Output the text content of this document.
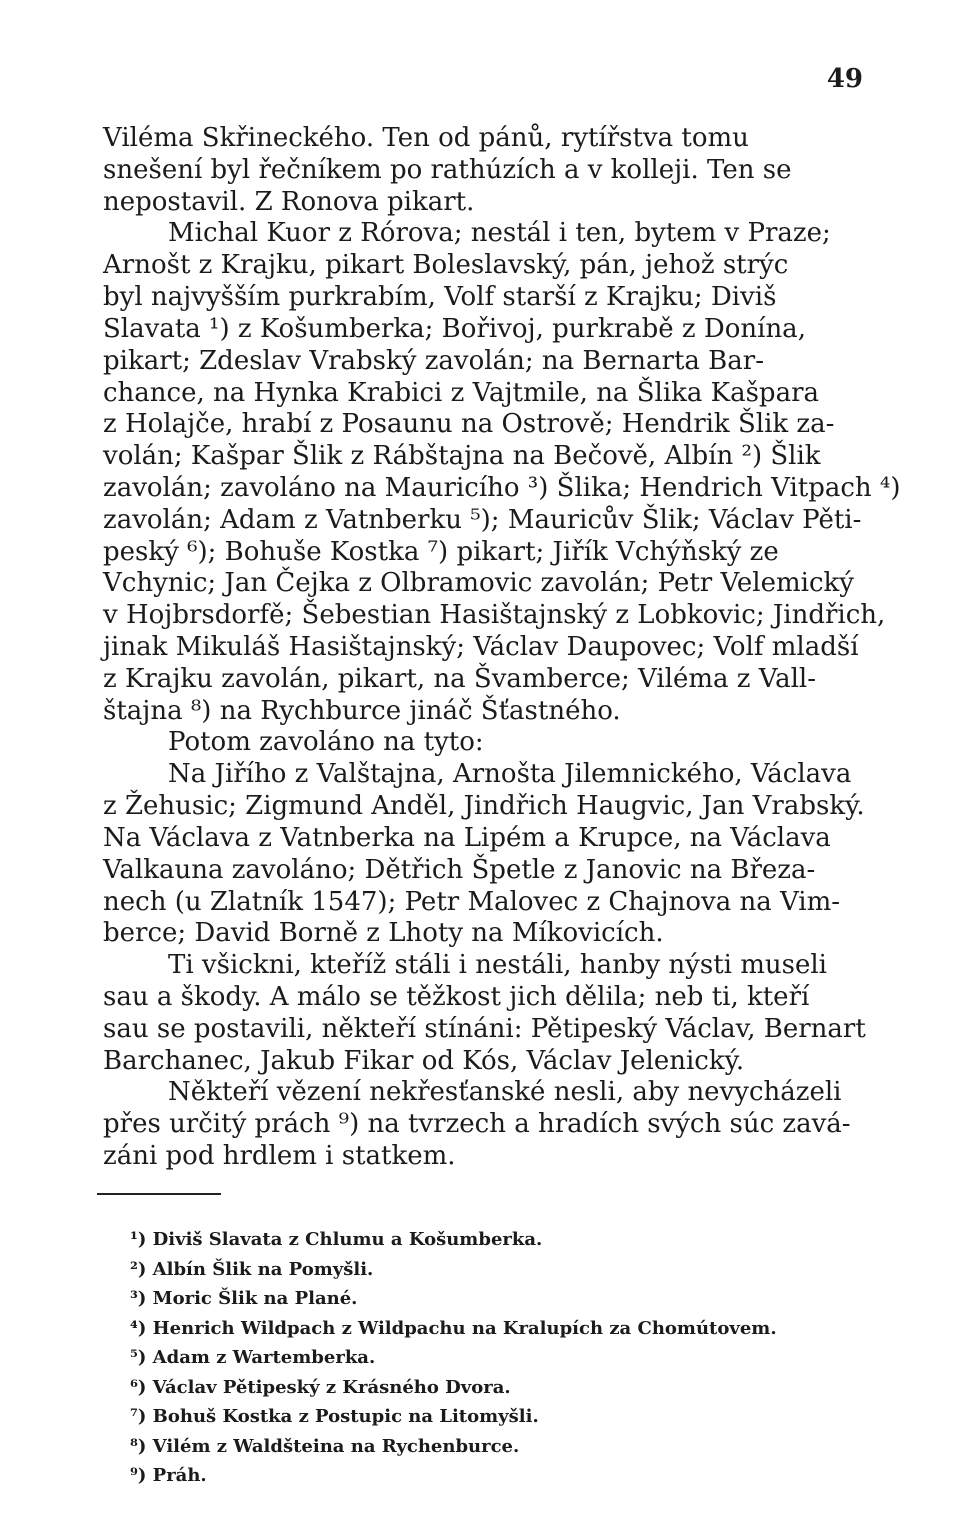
49
Viléma Skřineckého. Ten od pánů, rytířstva tomu
snešení byl řečníkem po rathúzích a v kolleji. Ten se
nepostavil. Z Ronova pikart.
Michal Kuor z Rórova; nestál i ten, bytem v Praze;
Arnošt z Krajku, pikart Boleslavský, pán, jehož strýc
byl najvyšším purkrabím, Volf starší z Krajku; Diviš
Slavata ¹) z Košumberka; Bořivoj, purkrabě z Donína,
pikart; Zdeslav Vrabský zavolán; na Bernarta Bar-
chance, na Hynka Krabici z Vajtmile, na Šlika Kašpara
z Holajče, hrabí z Posaunu na Ostrově; Hendrik Šlik za-
volán; Kašpar Šlik z Rábštajna na Bečově, Albín ²) Šlik
zavolán; zavoláno na Mauricího ³) Šlika; Hendrich Vitpach ⁴)
zavolán; Adam z Vatnberku ⁵); Mauricův Šlik; Václav Pěti-
peský ⁶); Bohuše Kostka ⁷) pikart; Jiřík Vchýňský ze
Vchynic; Jan Čejka z Olbramovic zavolán; Petr Velemický
v Hojbrsdorfě; Šebestian Hasištajnský z Lobkovic; Jindřich,
jinak Mikuláš Hasištajnský; Václav Daupovec; Volf mladší
z Krajku zavolán, pikart, na Švamberce; Viléma z Vall-
štajna ⁸) na Rychburce jináč Šťastného.
Potom zavoláno na tyto:
Na Jiřího z Valštajna, Arnošta Jilemnického, Václava
z Žehusic; Zigmund Anděl, Jindřich Haugvic, Jan Vrabský.
Na Václava z Vatnberka na Lipém a Krupce, na Václava
Valkauna zavoláno; Dětřich Špetle z Janovic na Březa-
nech (u Zlatník 1547); Petr Malovec z Chajnova na Vim-
berce; David Borně z Lhoty na Míkovicích.
Ti všickni, kteříž stáli i nestáli, hanby nýsti museli
sau a škody. A málo se těžkost jich dělila; neb ti, kteří
sau se postavili, někteří stínáni: Pětipeský Václav, Bernart
Barchanec, Jakub Fikar od Kós, Václav Jelenický.
Někteří vězení nekřesťanské nesli, aby nevycházeli
přes určitý prách ⁹) na tvrzech a hradích svých súc zavá-
záni pod hrdlem i statkem.
¹) Diviš Slavata z Chlumu a Košumberka.
²) Albín Šlik na Pomyšli.
³) Moric Šlik na Plané.
⁴) Henrich Wildpach z Wildpachu na Kralupích za Chomútovem.
⁵) Adam z Wartemberka.
⁶) Václav Pětipeský z Krásného Dvora.
⁷) Bohuš Kostka z Postupic na Litomyšli.
⁸) Vilém z Waldšteina na Rychenburce.
⁹) Práh.
